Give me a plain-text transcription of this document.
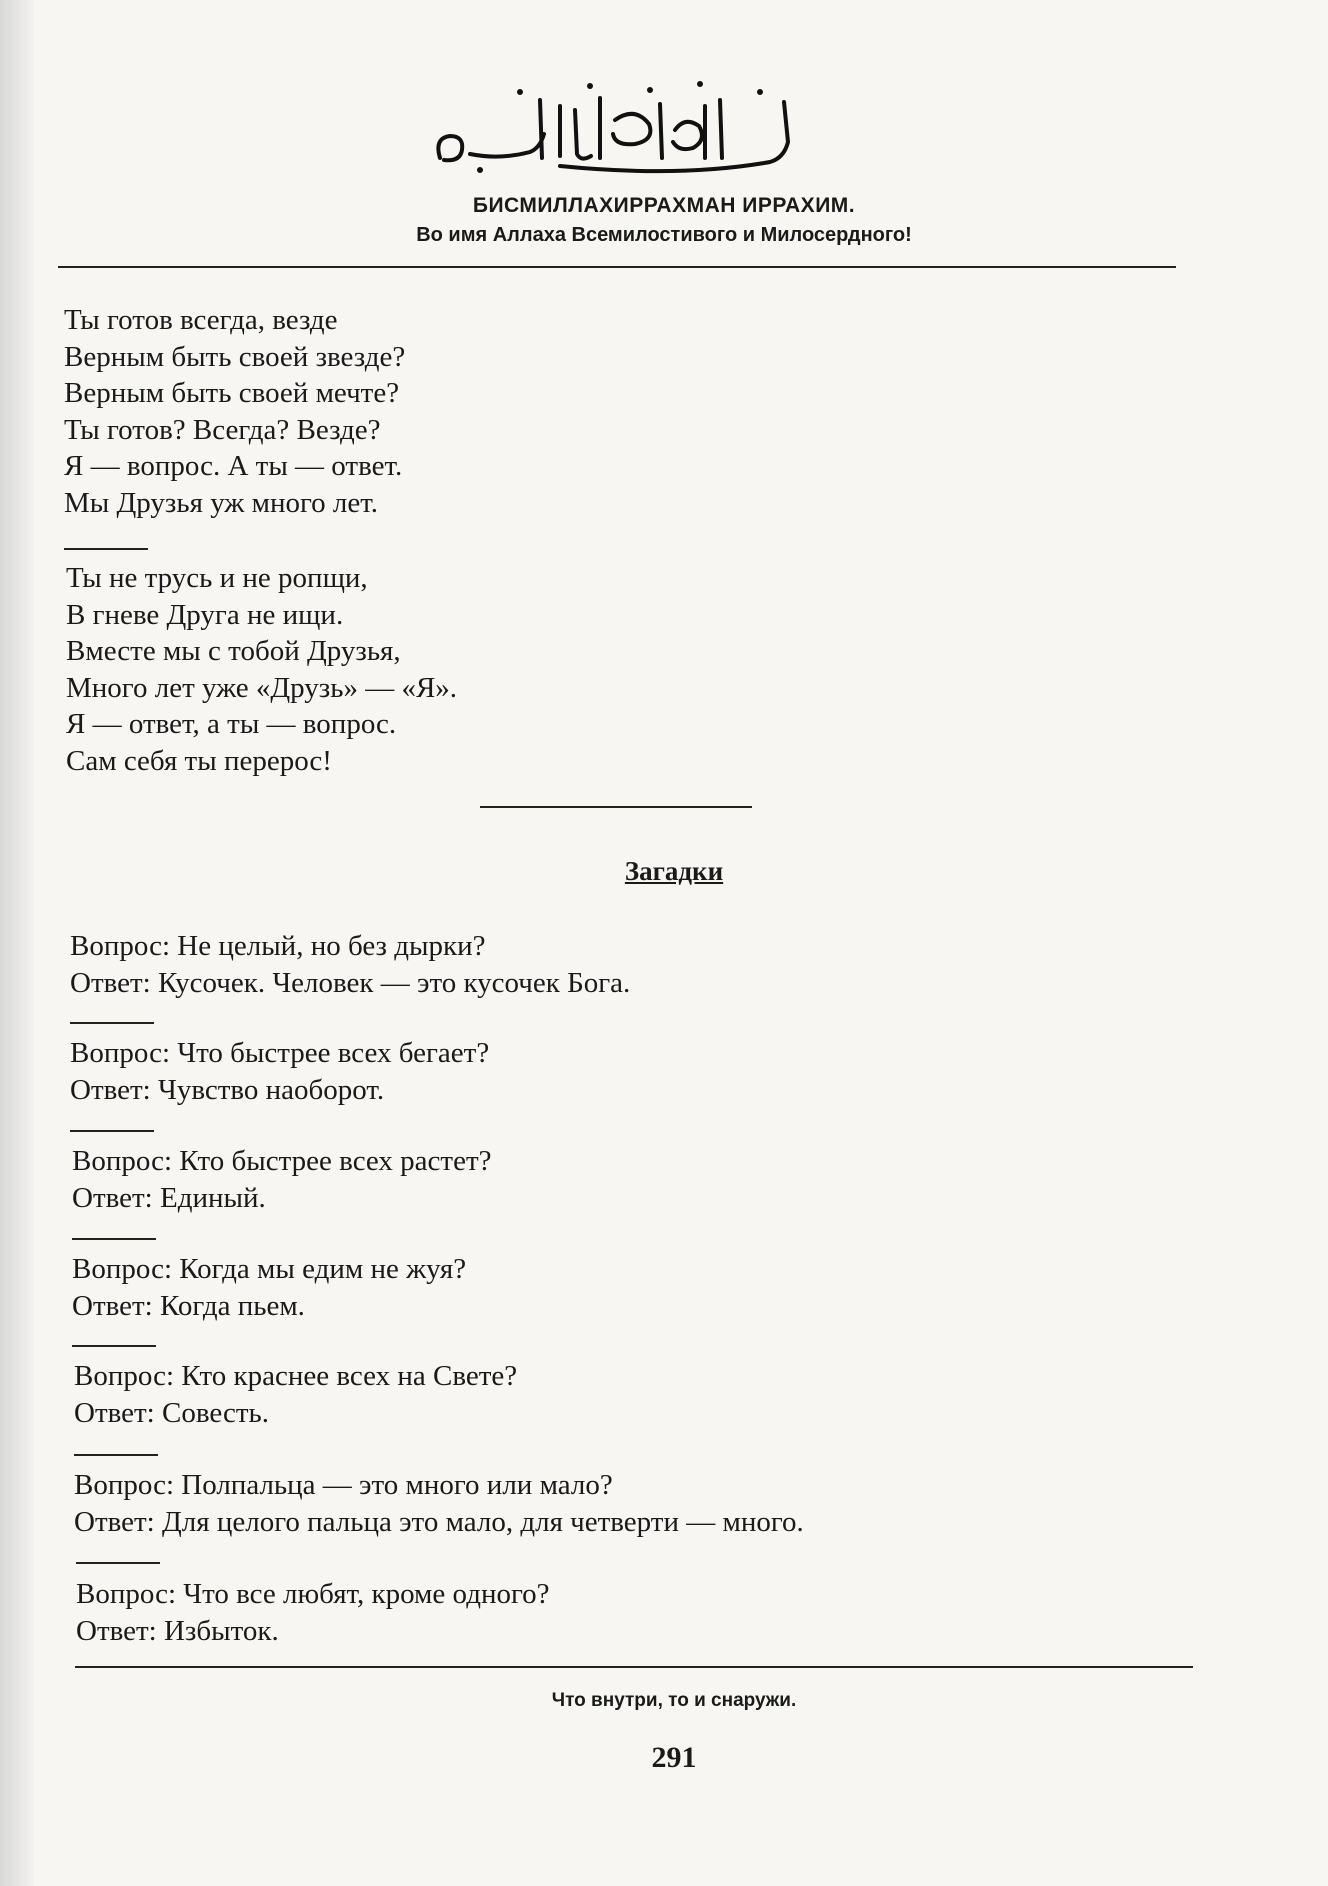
БИСМИЛЛАХИРРАХМАН ИРРАХИМ.
Во имя Аллаха Всемилостивого и Милосердного!
Ты готов всегда, везде
Верным быть своей звезде?
Верным быть своей мечте?
Ты готов? Всегда? Везде?
Я — вопрос. А ты — ответ.
Мы Друзья уж много лет.
Ты не трусь и не ропщи,
В гневе Друга не ищи.
Вместе мы с тобой Друзья,
Много лет уже «Друзь» — «Я».
Я — ответ, а ты — вопрос.
Сам себя ты перерос!
Загадки
Вопрос: Не целый, но без дырки?
Ответ: Кусочек. Человек — это кусочек Бога.
Вопрос: Что быстрее всех бегает?
Ответ: Чувство наоборот.
Вопрос: Кто быстрее всех растет?
Ответ: Единый.
Вопрос: Когда мы едим не жуя?
Ответ: Когда пьем.
Вопрос: Кто краснее всех на Свете?
Ответ: Совесть.
Вопрос: Полпальца — это много или мало?
Ответ: Для целого пальца это мало, для четверти — много.
Вопрос: Что все любят, кроме одного?
Ответ: Избыток.
Что внутри, то и снаружи.
291
